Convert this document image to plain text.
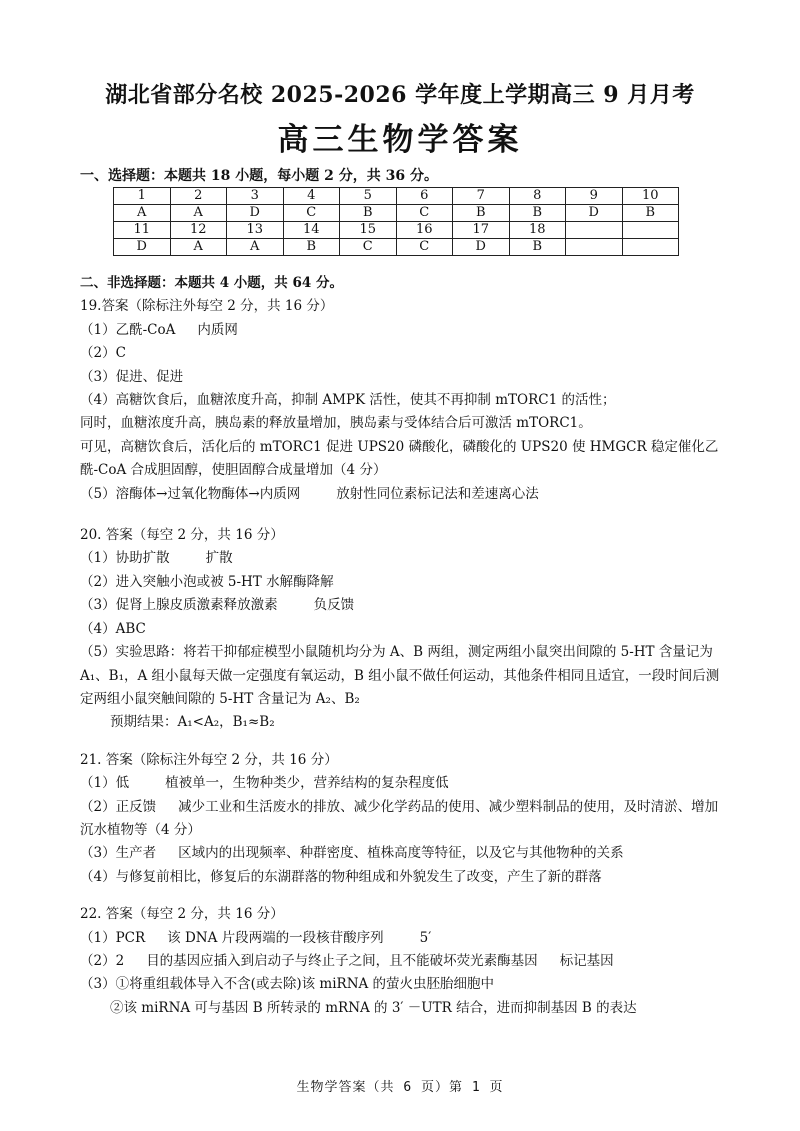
湖北省部分名校 2025-2026 学年度上学期高三 9 月月考
高三生物学答案
一、选择题：本题共 18 小题，每小题 2 分，共 36 分。
1	2	3	4	5	6	7	8	9	10
A	A	D	C	B	C	B	B	D	B
11	12	13	14	15	16	17	18		
D	A	A	B	C	C	D	B		
二、非选择题：本题共 4 小题，共 64 分。
19.答案（除标注外每空 2 分，共 16 分）
（1）乙酰-CoA 内质网
（2）C
（3）促进、促进
（4）高糖饮食后，血糖浓度升高，抑制 AMPK 活性，使其不再抑制 mTORC1 的活性；
同时，血糖浓度升高，胰岛素的释放量增加，胰岛素与受体结合后可激活 mTORC1。
可见，高糖饮食后，活化后的 mTORC1 促进 UPS20 磷酸化，磷酸化的 UPS20 使 HMGCR 稳定催化乙酰-CoA 合成胆固醇，使胆固醇合成量增加（4 分）
（5）溶酶体→过氧化物酶体→内质网	放射性同位素标记法和差速离心法
20. 答案（每空 2 分，共 16 分）
（1）协助扩散	扩散
（2）进入突触小泡或被 5-HT 水解酶降解
（3）促肾上腺皮质激素释放激素	负反馈
（4）ABC
（5）实验思路：将若干抑郁症模型小鼠随机均分为 A、B 两组，测定两组小鼠突出间隙的 5-HT 含量记为 A₁、B₁，A 组小鼠每天做一定强度有氧运动，B 组小鼠不做任何运动，其他条件相同且适宜，一段时间后测定两组小鼠突触间隙的 5-HT 含量记为 A₂、B₂
预期结果：A₁<A₂，B₁≈B₂
21. 答案（除标注外每空 2 分，共 16 分）
（1）低	植被单一，生物种类少，营养结构的复杂程度低
（2）正反馈 减少工业和生活废水的排放、减少化学药品的使用、减少塑料制品的使用，及时清淤、增加沉水植物等（4 分）
（3）生产者 区域内的出现频率、种群密度、植株高度等特征，以及它与其他物种的关系
（4）与修复前相比，修复后的东湖群落的物种组成和外貌发生了改变，产生了新的群落
22. 答案（每空 2 分，共 16 分）
（1）PCR 该 DNA 片段两端的一段核苷酸序列	5′
（2）2 目的基因应插入到启动子与终止子之间，且不能破坏荧光素酶基因 标记基因
（3）①将重组载体导入不含(或去除)该 miRNA 的萤火虫胚胎细胞中
②该 miRNA 可与基因 B 所转录的 mRNA 的 3′ －UTR 结合，进而抑制基因 B 的表达
生物学答案（共 6 页）第 1 页
